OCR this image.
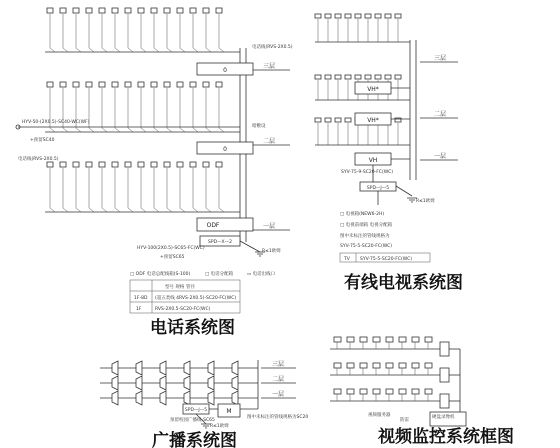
三层
二层
一层
0
0
ODF
HYV-50-(2X0.5)-SC40-WC(WF)
+预留SC40
电话线(RVS-2X0.5)
暗敷设
电话线(RVS-2X0.5)
SPD—X—2
R≤1欧姆
HYV-100(2X0.5)-SC65-FC(WC)
+预留SC65
□ ODF 电话总配线箱(S-100)	□ 电话分配箱	▭ 电话出线口
型号 规格 管径
1F-8D (超五类线 4RVS-2X0.5)-SC20-FC(WC)
1F	RVS-2X0.5-SC20-FC(WC)
电话系统图
三层
二层
一层
VH*
VH*
VH
SPD—J—5
SYV-75-9-SC20-FC(WC)
R≤1欧姆
□ 电视箱(NEW6-2H)
□ 电视前端箱 电视分配箱
图中未标注的管线规格为
SYV-75-5-SC20-FC(WC)
TV SYV-75-5-SC20-FC(WC)
有线电视系统图
三层
二层
一层
SPD—J—5	M
R≤1欧姆
预留校园广播线-SC65
图中未标注的管线规格为SC20
广播系统图
硬盘录像机
防雷
视频服务器
视频监控系统框图
